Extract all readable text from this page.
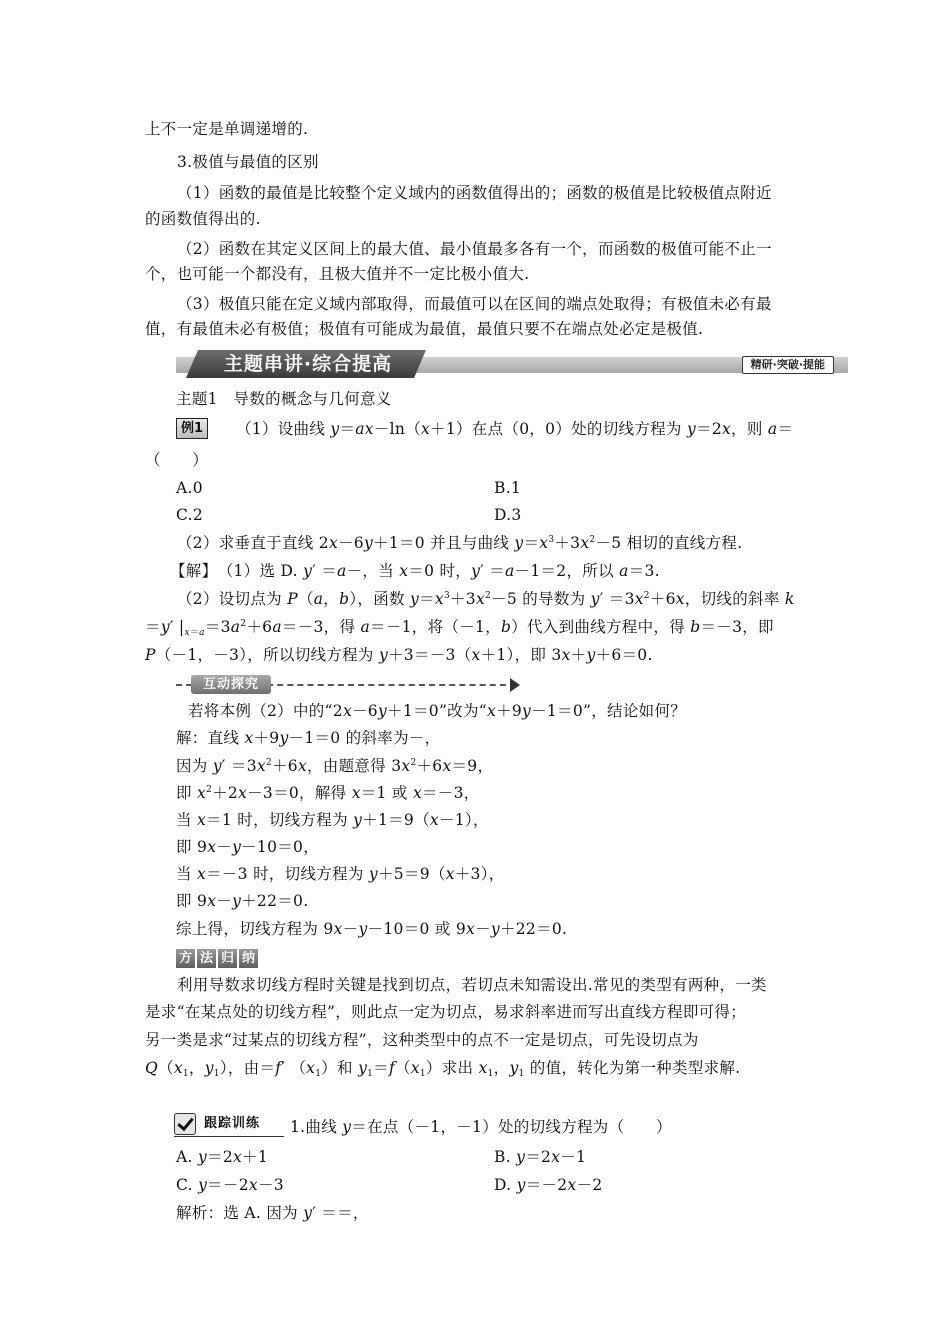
上不一定是单调递增的.
3.极值与最值的区别
（1）函数的最值是比较整个定义域内的函数值得出的；函数的极值是比较极值点附近
的函数值得出的.
（2）函数在其定义区间上的最大值、最小值最多各有一个，而函数的极值可能不止一
个，也可能一个都没有，且极大值并不一定比极小值大.
（3）极值只能在定义域内部取得，而最值可以在区间的端点处取得；有极值未必有最
值，有最值未必有极值；极值有可能成为最值，最值只要不在端点处必定是极值.
主题串讲·综合提高	精研·突破·提能
主题1　导数的概念与几何意义
例1	（1）设曲线 y＝ax－ln（x＋1）在点（0，0）处的切线方程为 y＝2x，则 a＝
（　　）
A.0	B.1
C.2	D.3
（2）求垂直于直线 2x－6y＋1＝0 并且与曲线 $y=x^3+3x^2-5$ 相切的直线方程.
【解】　（1）选 D. y′ ＝a－，当 x＝0 时，y′ ＝a－1＝2，所以 a＝3.
（2）设切点为 P（a，b），函数 $y=x^3+3x^2-5$ 的导数为 $y' =3x^2+6x$，切线的斜率 k
＝y′ $|_{x=a}=3a^2+6a=-3$，得 a＝－1，将（－1，b）代入到曲线方程中，得 b＝－3，即
P（－1，－3），所以切线方程为 y＋3＝－3（x＋1），即 3x＋y＋6＝0.
互动探究
若将本例（2）中的“2x－6y＋1＝0”改为“x＋9y－1＝0”，结论如何？
解：直线 x＋9y－1＝0 的斜率为－，
因为 $y' =3x^2+6x$，由题意得 $3x^2+6x=9$，
即 $x^2+2x-3=0$，解得 x＝1 或 x＝－3，
当 x＝1 时，切线方程为 y＋1＝9（x－1），
即 9x－y－10＝0，
当 x＝－3 时，切线方程为 y＋5＝9（x＋3），
即 9x－y＋22＝0.
综上得，切线方程为 9x－y－10＝0 或 9x－y＋22＝0.
方 法 归 纳
利用导数求切线方程时关键是找到切点，若切点未知需设出.常见的类型有两种，一类
是求“在某点处的切线方程”，则此点一定为切点，易求斜率进而写出直线方程即可得；
另一类是求“过某点的切线方程”，这种类型中的点不一定是切点，可先设切点为
$Q(x_1$，$y_1$），由＝f′ $(x_1)$和 $y_1=f(x_1)$求出 $x_1$，$y_1$ 的值，转化为第一种类型求解.
跟踪训练 1.曲线 y＝在点（－1，－1）处的切线方程为（　　）
A. y＝2x＋1	B. y＝2x－1
C. y＝－2x－3	D. y＝－2x－2
解析：选 A. 因为 y′ ＝＝，
